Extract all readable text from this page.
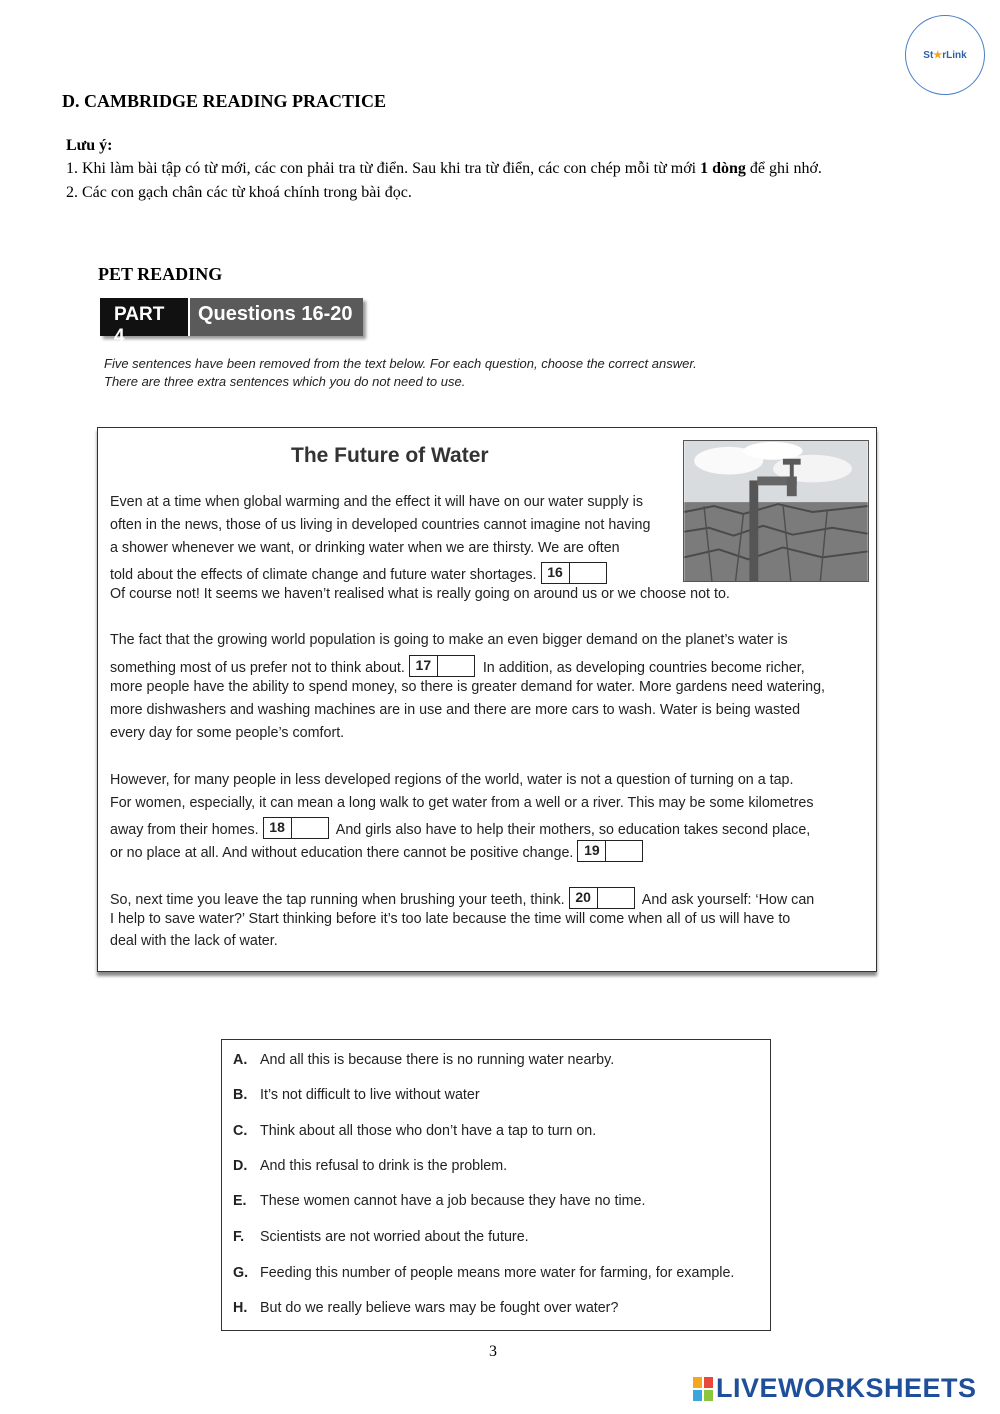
St ★ rLink
D. CAMBRIDGE READING PRACTICE
Lưu ý:
1. Khi làm bài tập có từ mới, các con phải tra từ điển. Sau khi tra từ điển, các con chép mỗi từ mới 1 dòng để ghi nhớ.
2. Các con gạch chân các từ khoá chính trong bài đọc.
PET READING
PART 4
Questions 16-20
Five sentences have been removed from the text below. For each question, choose the correct answer.
There are three extra sentences which you do not need to use.
The Future of Water
Even at a time when global warming and the effect it will have on our water supply is
often in the news, those of us living in developed countries cannot imagine not having
a shower whenever we want, or drinking water when we are thirsty. We are often
told about the effects of climate change and future water shortages. 16
Of course not! It seems we haven’t realised what is really going on around us or we choose not to.
The fact that the growing world population is going to make an even bigger demand on the planet’s water is
something most of us prefer not to think about. 17	In addition, as developing countries become richer,
more people have the ability to spend money, so there is greater demand for water. More gardens need watering,
more dishwashers and washing machines are in use and there are more cars to wash. Water is being wasted
every day for some people’s comfort.
However, for many people in less developed regions of the world, water is not a question of turning on a tap.
For women, especially, it can mean a long walk to get water from a well or a river. This may be some kilometres
away from their homes. 18	And girls also have to help their mothers, so education takes second place,
or no place at all. And without education there cannot be positive change. 19
So, next time you leave the tap running when brushing your teeth, think. 20	And ask yourself: ‘How can
I help to save water?’ Start thinking before it’s too late because the time will come when all of us will have to
deal with the lack of water.
A. And all this is because there is no running water nearby.
B. It’s not difficult to live without water
C. Think about all those who don’t have a tap to turn on.
D. And this refusal to drink is the problem.
E. These women cannot have a job because they have no time.
F. Scientists are not worried about the future.
G. Feeding this number of people means more water for farming, for example.
H. But do we really believe wars may be fought over water?
3
LIVEWORKSHEETS
